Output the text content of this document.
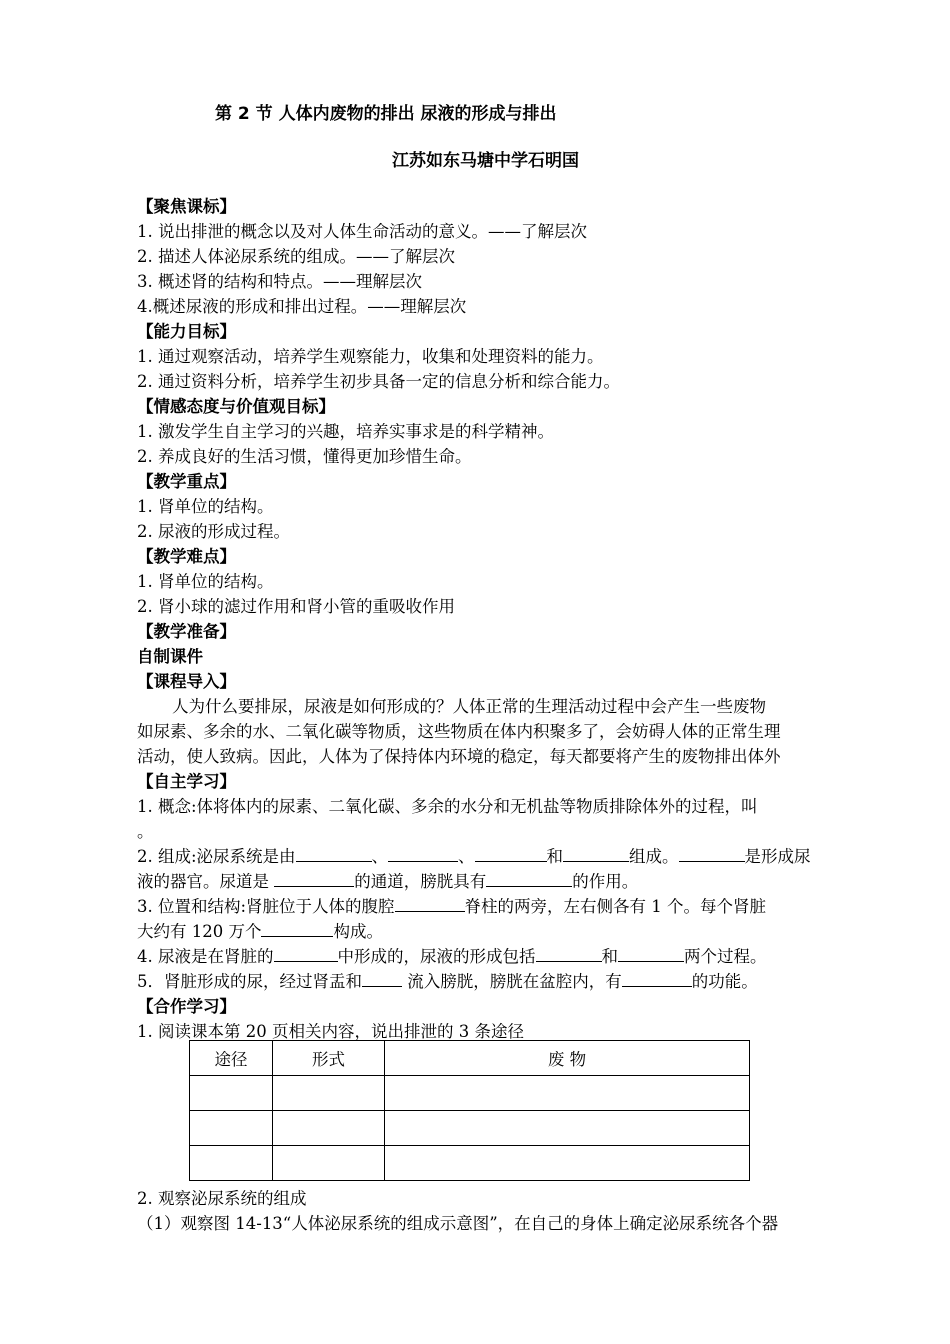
第 2 节 人体内废物的排出 尿液的形成与排出
江苏如东马塘中学石明国
【聚焦课标】
1. 说出排泄的概念以及对人体生命活动的意义。——了解层次
2. 描述人体泌尿系统的组成。——了解层次
3. 概述肾的结构和特点。——理解层次
4.概述尿液的形成和排出过程。——理解层次
【能力目标】
1. 通过观察活动，培养学生观察能力，收集和处理资料的能力。
2. 通过资料分析，培养学生初步具备一定的信息分析和综合能力。
【情感态度与价值观目标】
1. 激发学生自主学习的兴趣，培养实事求是的科学精神。
2. 养成良好的生活习惯，懂得更加珍惜生命。
【教学重点】
1. 肾单位的结构。
2. 尿液的形成过程。
【教学难点】
1. 肾单位的结构。
2. 肾小球的滤过作用和肾小管的重吸收作用
【教学准备】
自制课件
【课程导入】
人为什么要排尿，尿液是如何形成的？人体正常的生理活动过程中会产生一些废物
如尿素、多余的水、二氧化碳等物质，这些物质在体内积聚多了，会妨碍人体的正常生理
活动，使人致病。因此，人体为了保持体内环境的稳定，每天都要将产生的废物排出体外
【自主学习】
1. 概念:体将体内的尿素、二氧化碳、多余的水分和无机盐等物质排除体外的过程，叫
。
2. 组成:泌尿系统是由	、	、	和	组成。	是形成尿
液的器官。尿道是	的通道，膀胱具有	的作用。
3. 位置和结构:肾脏位于人体的腹腔	脊柱的两旁，左右侧各有 1 个。每个肾脏
大约有 120 万个	构成。
4. 尿液是在肾脏的	中形成的，尿液的形成包括	和	两个过程。
5．肾脏形成的尿，经过肾盂和	流入膀胱，膀胱在盆腔内，有	的功能。
【合作学习】
1. 阅读课本第 20 页相关内容，说出排泄的 3 条途径
途径	形式	废 物

2. 观察泌尿系统的组成
（1）观察图 14-13“人体泌尿系统的组成示意图”，在自己的身体上确定泌尿系统各个器
